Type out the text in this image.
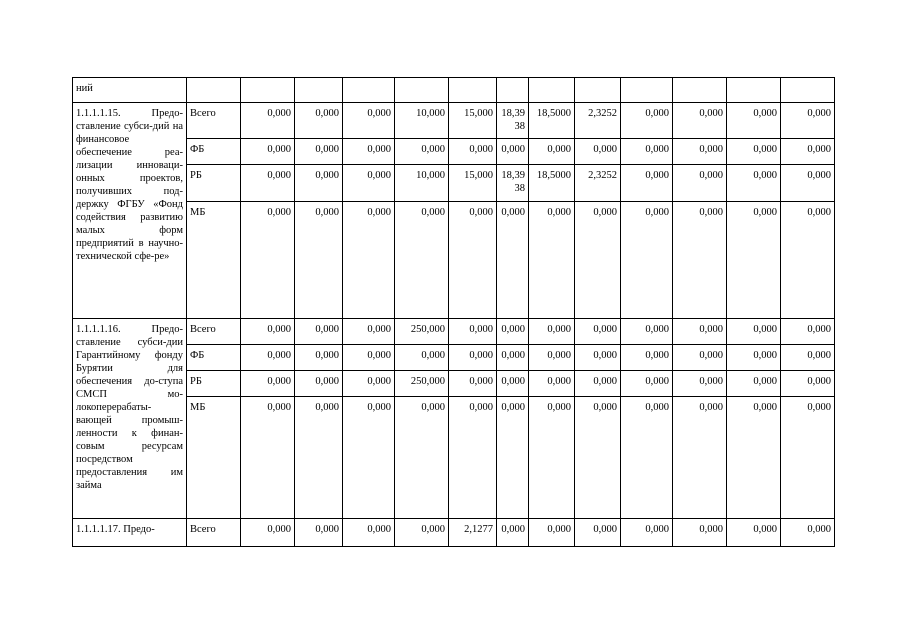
ний													
1.1.1.1.15. Предо-ставление субси-дий на финансовое обеспечение реа-лизации инноваци-онных проектов, получивших под-держку ФГБУ «Фонд содействия развитию малых форм предприятий в научно-технической сфе-ре»	Всего	0,000	0,000	0,000	10,000	15,000	18,3938	18,5000	2,3252	0,000	0,000	0,000	0,000
	ФБ	0,000	0,000	0,000	0,000	0,000	0,000	0,000	0,000	0,000	0,000	0,000	0,000
	РБ	0,000	0,000	0,000	10,000	15,000	18,3938	18,5000	2,3252	0,000	0,000	0,000	0,000
	МБ	0,000	0,000	0,000	0,000	0,000	0,000	0,000	0,000	0,000	0,000	0,000	0,000
1.1.1.1.16. Предо-ставление субси-дии Гарантийному фонду Бурятии для обеспечения до-ступа СМСП мо-локоперерабаты-вающей промыш-ленности к финан-совым ресурсам посредством предоставления им займа	Всего	0,000	0,000	0,000	250,000	0,000	0,000	0,000	0,000	0,000	0,000	0,000	0,000
	ФБ	0,000	0,000	0,000	0,000	0,000	0,000	0,000	0,000	0,000	0,000	0,000	0,000
	РБ	0,000	0,000	0,000	250,000	0,000	0,000	0,000	0,000	0,000	0,000	0,000	0,000
	МБ	0,000	0,000	0,000	0,000	0,000	0,000	0,000	0,000	0,000	0,000	0,000	0,000
1.1.1.1.17. Предо-	Всего	0,000	0,000	0,000	0,000	2,1277	0,000	0,000	0,000	0,000	0,000	0,000	0,000
